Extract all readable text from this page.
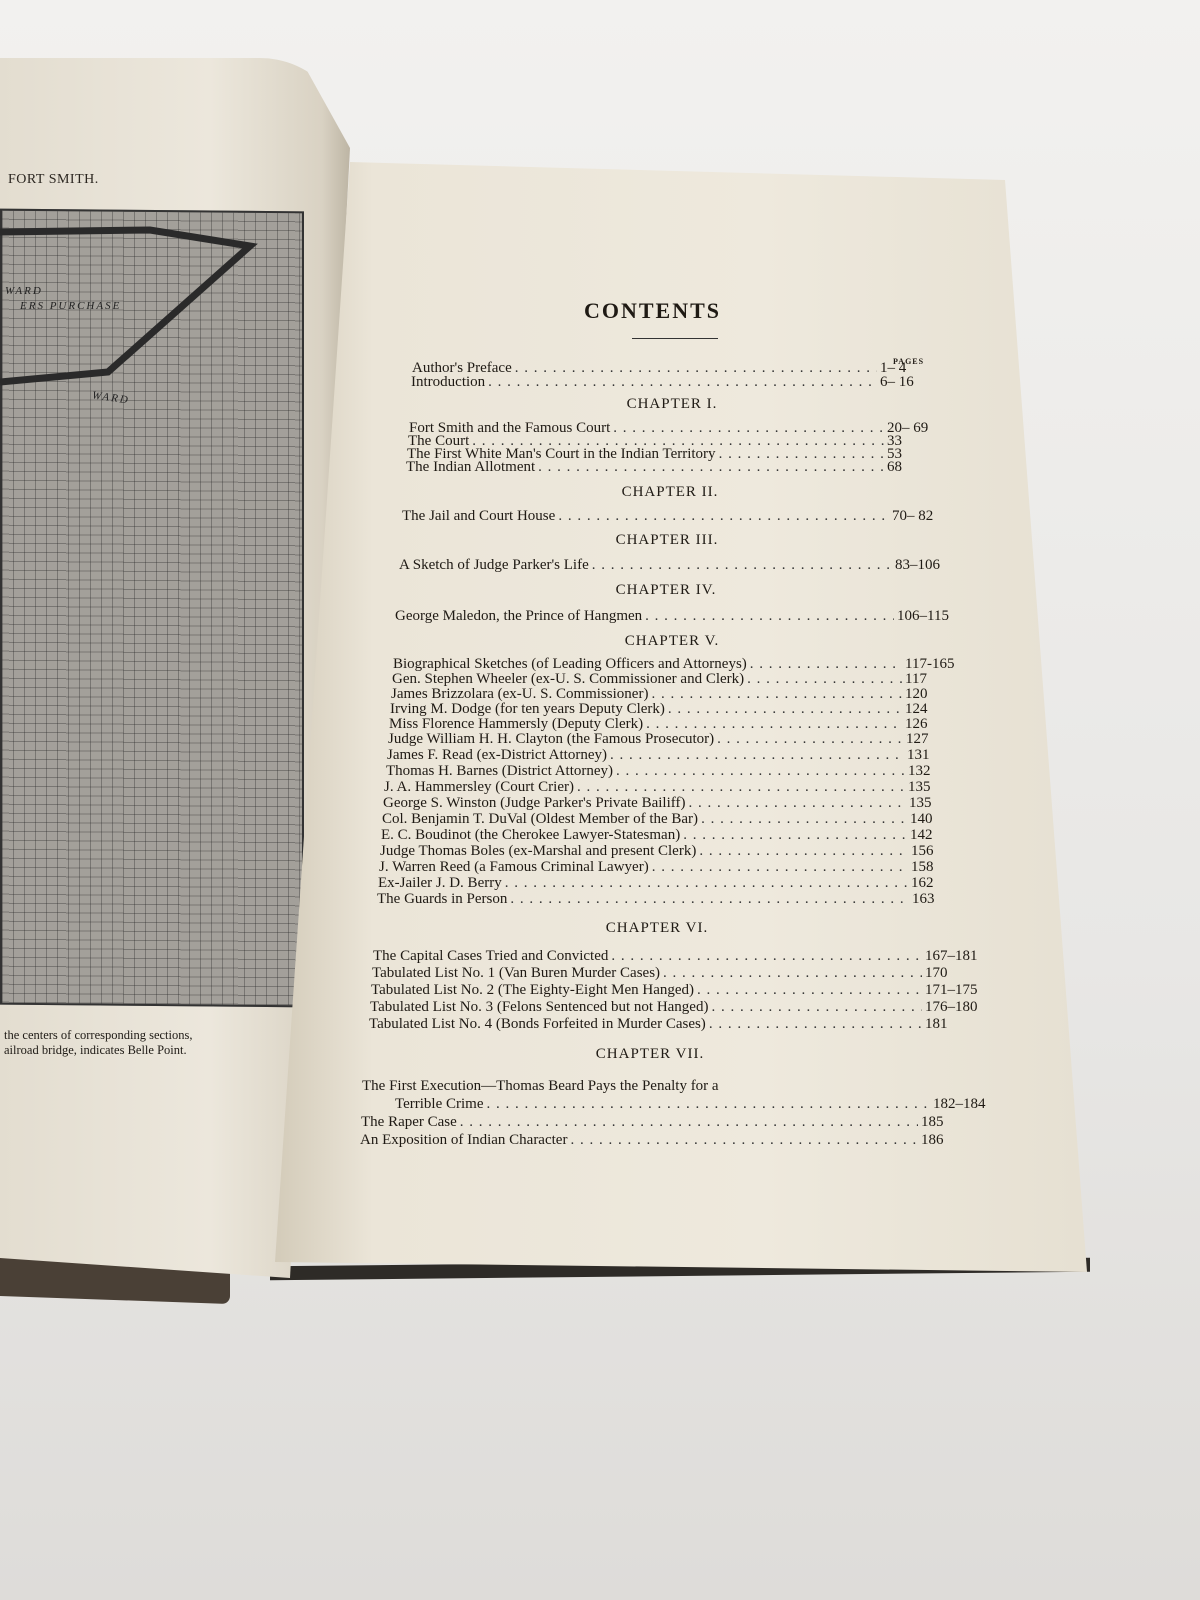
FORT SMITH.
WARD
ERS PURCHASE
WARD
the centers of corresponding sections,
ailroad bridge, indicates Belle Point.
CONTENTS
PAGES
Author's Preface . . .	1– 4
Introduction . . .	6– 16
CHAPTER I.
Fort Smith and the Famous Court . . .	20– 69
The Court . . .	33
The First White Man's Court in the Indian Territory . . .	53
The Indian Allotment . . .	68
CHAPTER II.
The Jail and Court House . . .	70– 82
CHAPTER III.
A Sketch of Judge Parker's Life . . .	83–106
CHAPTER IV.
George Maledon, the Prince of Hangmen . . .	106–115
CHAPTER V.
Biographical Sketches (of Leading Officers and Attorneys) . . .	117-165
Gen. Stephen Wheeler (ex-U. S. Commissioner and Clerk) . . .	117
James Brizzolara (ex-U. S. Commissioner) . . .	120
Irving M. Dodge (for ten years Deputy Clerk) . . .	124
Miss Florence Hammersly (Deputy Clerk) . . .	126
Judge William H. H. Clayton (the Famous Prosecutor) . . .	127
James F. Read (ex-District Attorney) . . .	131
Thomas H. Barnes (District Attorney) . . .	132
J. A. Hammersley (Court Crier) . . .	135
George S. Winston (Judge Parker's Private Bailiff) . . .	135
Col. Benjamin T. DuVal (Oldest Member of the Bar) . . .	140
E. C. Boudinot (the Cherokee Lawyer-Statesman) . . .	142
Judge Thomas Boles (ex-Marshal and present Clerk) . . .	156
J. Warren Reed (a Famous Criminal Lawyer) . . .	158
Ex-Jailer J. D. Berry . . .	162
The Guards in Person . . .	163
CHAPTER VI.
The Capital Cases Tried and Convicted . . .	167–181
Tabulated List No. 1 (Van Buren Murder Cases) . . .	170
Tabulated List No. 2 (The Eighty-Eight Men Hanged) . . .	171–175
Tabulated List No. 3 (Felons Sentenced but not Hanged) . . .	176–180
Tabulated List No. 4 (Bonds Forfeited in Murder Cases) . . .	181
CHAPTER VII.
The First Execution—Thomas Beard Pays the Penalty for a
Terrible Crime . . .	182–184
The Raper Case . . .	185
An Exposition of Indian Character . . .	186
